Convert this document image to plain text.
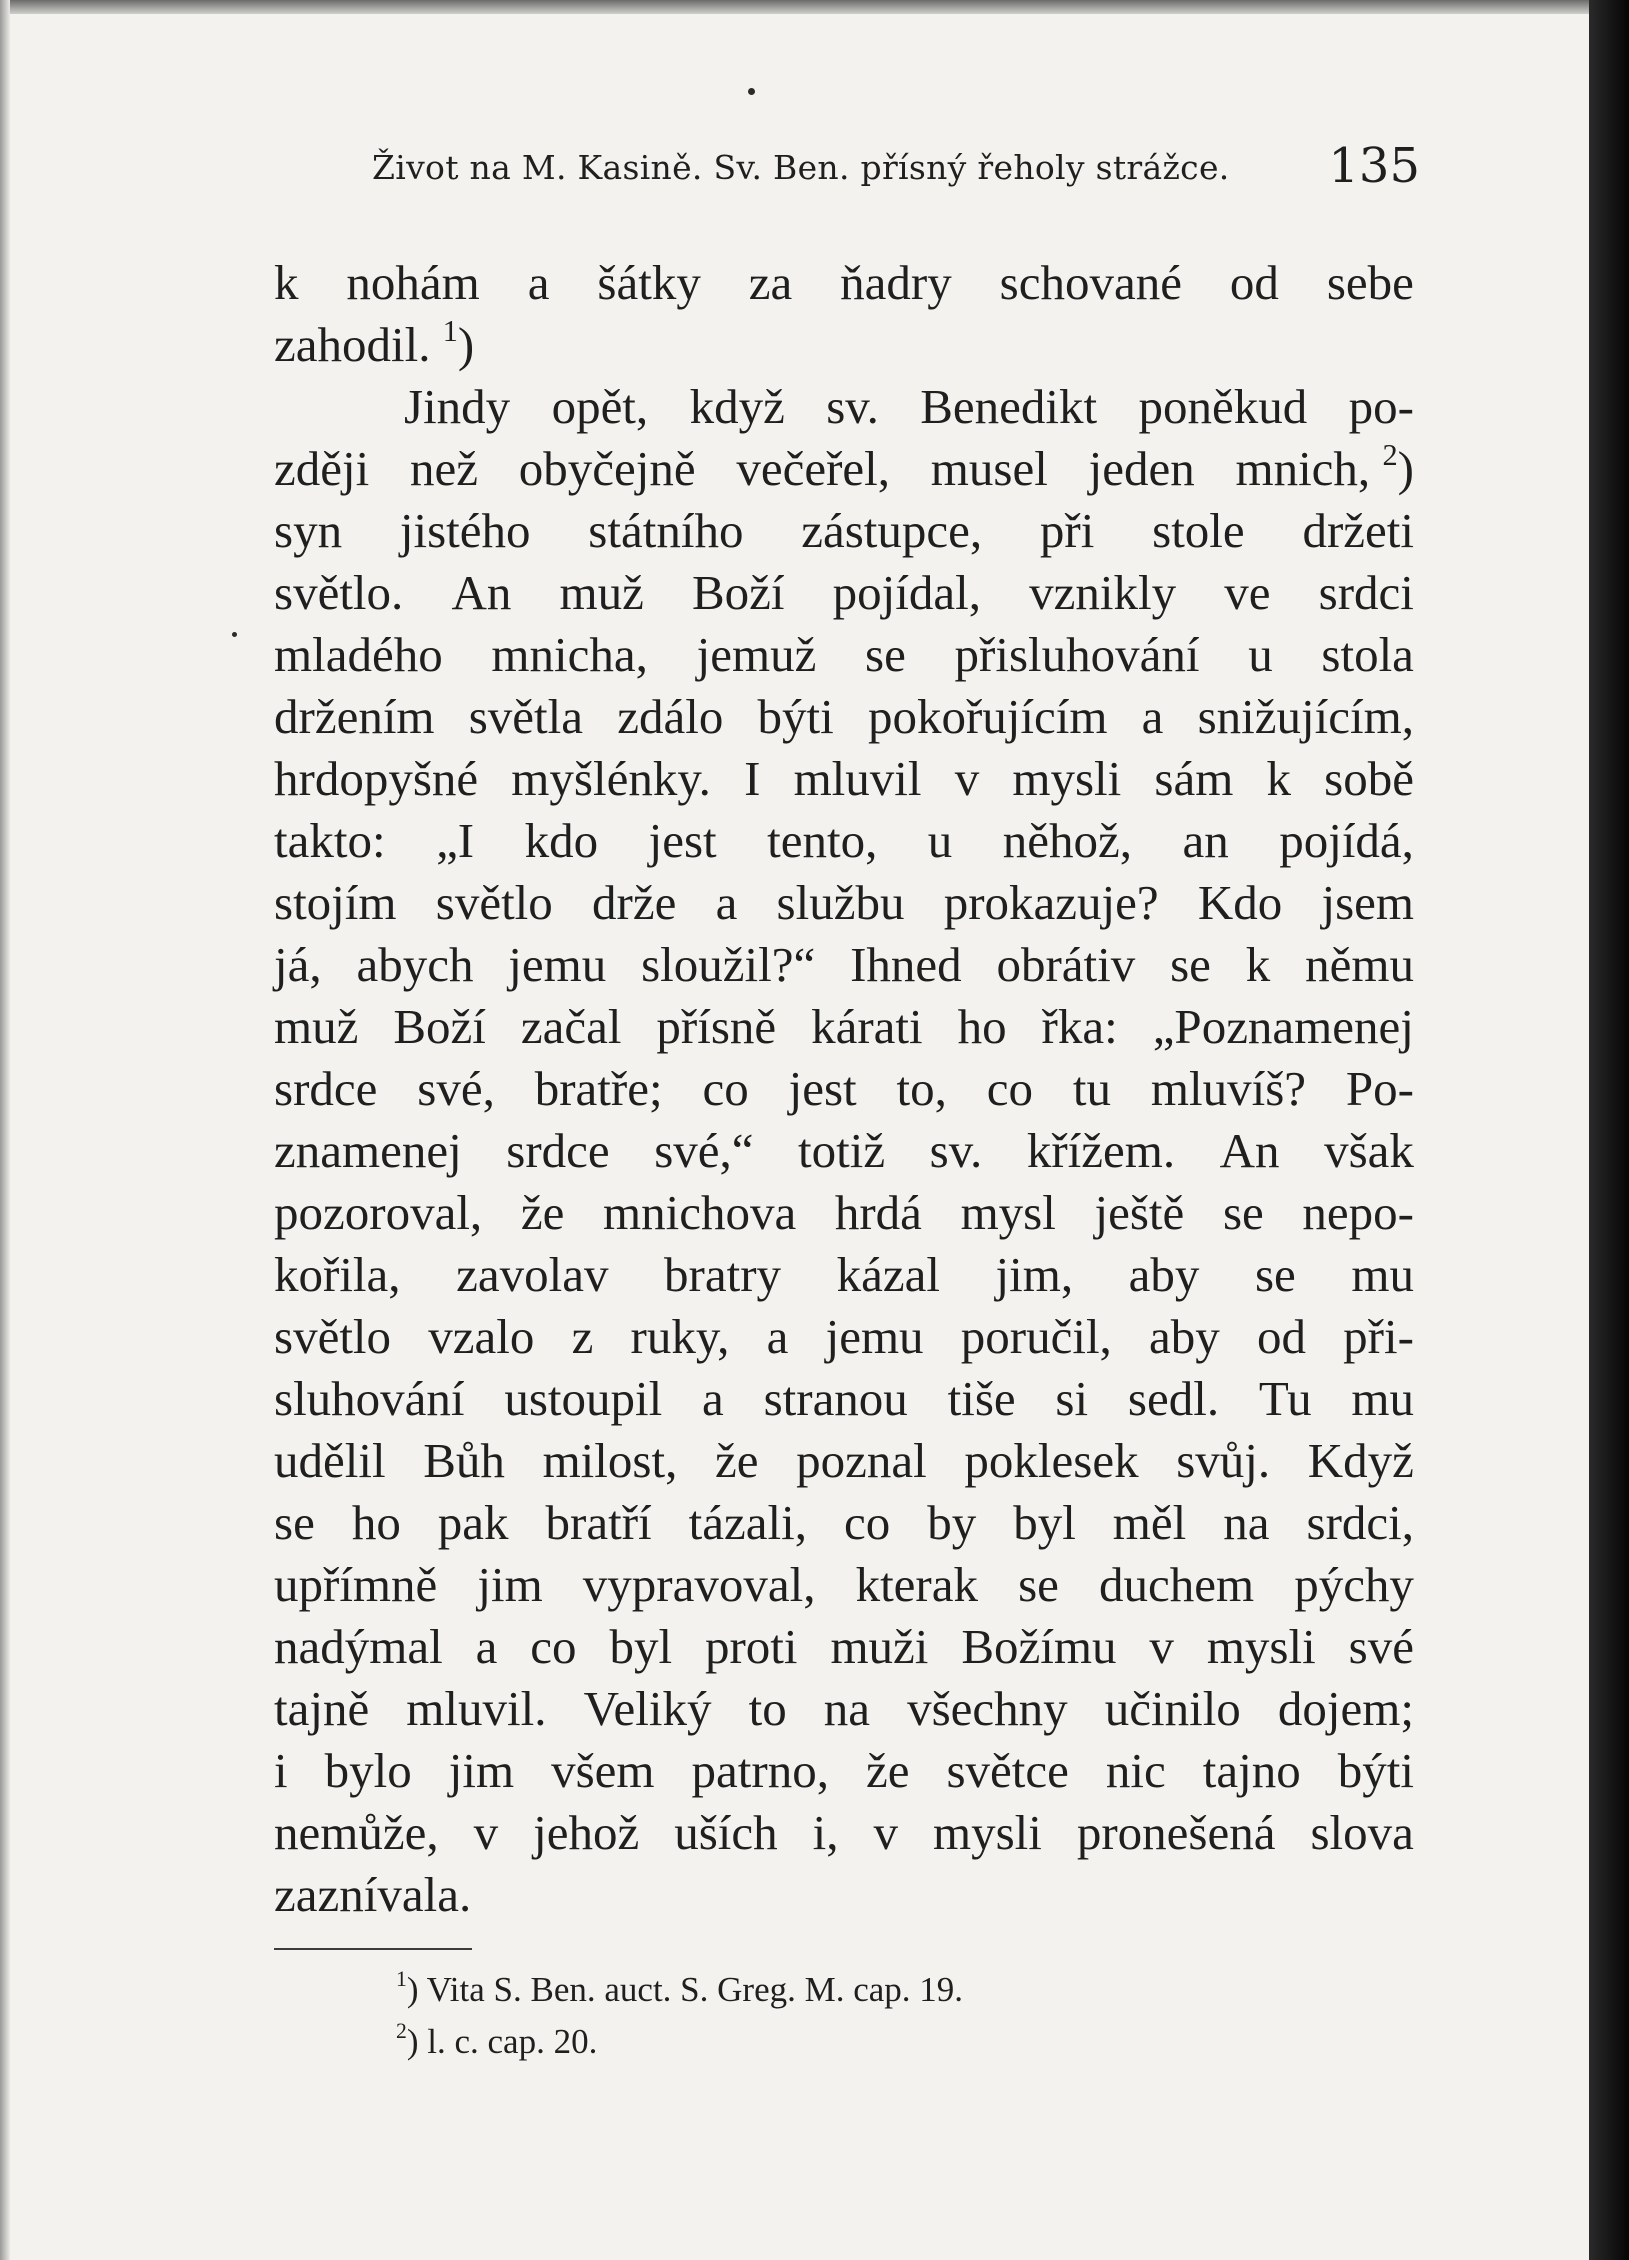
Život na M. Kasině. Sv. Ben. přísný řeholy strážce. 135
k nohám a šátky za ňadry schované od sebe
zahodil. $^1$)
Jindy opět, když sv. Benedikt poněkud po-
zději než obyčejně večeřel, musel jeden mnich, $^2$)
syn jistého státního zástupce, při stole držeti
světlo. An muž Boží pojídal, vznikly ve srdci
mladého mnicha, jemuž se přisluhování u stola
držením světla zdálo býti pokořujícím a snižujícím,
hrdopyšné myšlénky. I mluvil v mysli sám k sobě
takto: „I kdo jest tento, u něhož, an pojídá,
stojím světlo drže a službu prokazuje? Kdo jsem
já, abych jemu sloužil?“ Ihned obrátiv se k němu
muž Boží začal přísně kárati ho řka: „Poznamenej
srdce své, bratře; co jest to, co tu mluvíš? Po-
znamenej srdce své,“ totiž sv. křížem. An však
pozoroval, že mnichova hrdá mysl ještě se nepo-
kořila, zavolav bratry kázal jim, aby se mu
světlo vzalo z ruky, a jemu poručil, aby od při-
sluhování ustoupil a stranou tiše si sedl. Tu mu
udělil Bůh milost, že poznal poklesek svůj. Když
se ho pak bratří tázali, co by byl měl na srdci,
upřímně jim vypravoval, kterak se duchem pýchy
nadýmal a co byl proti muži Božímu v mysli své
tajně mluvil. Veliký to na všechny učinilo dojem;
i bylo jim všem patrno, že světce nic tajno býti
nemůže, v jehož uších i, v mysli pronešená slova
zaznívala.
$^1$) Vita S. Ben. auct. S. Greg. M. cap. 19.
$^2$) l. c. cap. 20.
